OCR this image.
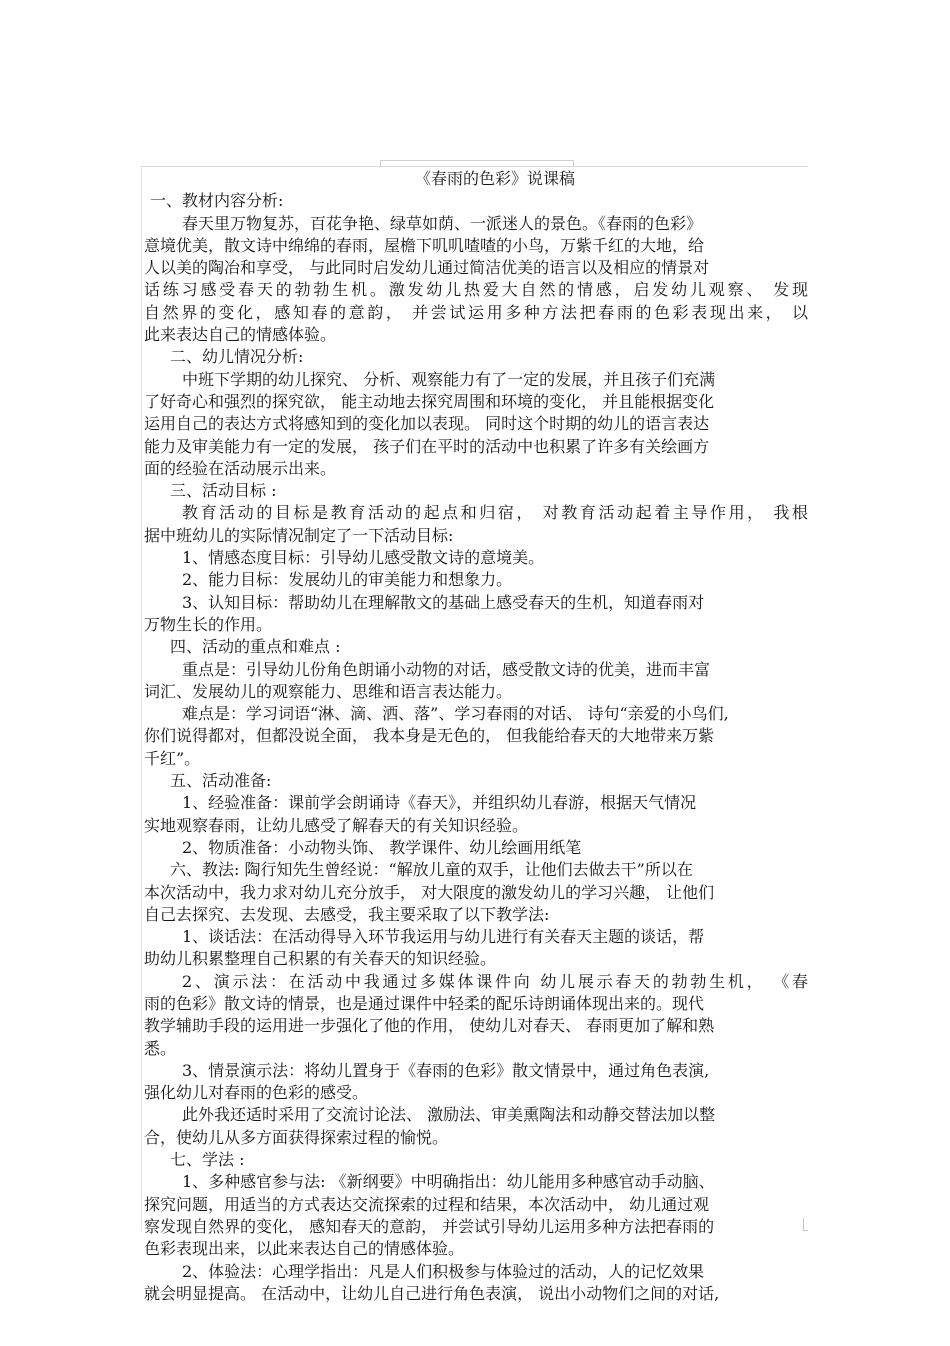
《春雨的色彩》说课稿
一、教材内容分析:
春天里万物复苏，百花争艳、绿草如荫、一派迷人的景色。《春雨的色彩》
意境优美，散文诗中绵绵的春雨，屋檐下叽叽喳喳的小鸟，万紫千红的大地，给
人以美的陶冶和享受， 与此同时启发幼儿通过简洁优美的语言以及相应的情景对
话练习感受春天的勃勃生机。激发幼儿热爱大自然的情感，启发幼儿观察、 发现
自然界的变化，感知春的意韵， 并尝试运用多种方法把春雨的色彩表现出来， 以
此来表达自己的情感体验。
二、幼儿情况分析:
中班下学期的幼儿探究、 分析、观察能力有了一定的发展，并且孩子们充满
了好奇心和强烈的探究欲， 能主动地去探究周围和环境的变化， 并且能根据变化
运用自己的表达方式将感知到的变化加以表现。 同时这个时期的幼儿的语言表达
能力及审美能力有一定的发展， 孩子们在平时的活动中也积累了许多有关绘画方
面的经验在活动展示出来。
三、活动目标 :
教育活动的目标是教育活动的起点和归宿， 对教育活动起着主导作用， 我根
据中班幼儿的实际情况制定了一下活动目标:
1、情感态度目标：引导幼儿感受散文诗的意境美。
2、能力目标：发展幼儿的审美能力和想象力。
3、认知目标：帮助幼儿在理解散文的基础上感受春天的生机，知道春雨对
万物生长的作用。
四、活动的重点和难点 :
重点是：引导幼儿份角色朗诵小动物的对话，感受散文诗的优美，进而丰富
词汇、发展幼儿的观察能力、思维和语言表达能力。
难点是：学习词语“淋、滴、洒、落”、学习春雨的对话、 诗句“亲爱的小鸟们,
你们说得都对，但都没说全面， 我本身是无色的， 但我能给春天的大地带来万紫
千红”。
五、活动准备:
1、经验准备：课前学会朗诵诗《春天》，并组织幼儿春游，根据天气情况
实地观察春雨，让幼儿感受了解春天的有关知识经验。
2、物质准备：小动物头饰、 教学课件、幼儿绘画用纸笔
六、教法: 陶行知先生曾经说：“解放儿童的双手，让他们去做去干”所以在
本次活动中，我力求对幼儿充分放手， 对大限度的激发幼儿的学习兴趣， 让他们
自己去探究、去发现、去感受，我主要采取了以下教学法:
1、谈话法：在活动得导入环节我运用与幼儿进行有关春天主题的谈话，帮
助幼儿积累整理自己积累的有关春天的知识经验。
2、演示法：在活动中我通过多媒体课件向 幼儿展示春天的勃勃生机， 《春
雨的色彩》散文诗的情景，也是通过课件中轻柔的配乐诗朗诵体现出来的。现代
教学辅助手段的运用进一步强化了他的作用， 使幼儿对春天、 春雨更加了解和熟
悉。
3、情景演示法：将幼儿置身于《春雨的色彩》散文情景中，通过角色表演,
强化幼儿对春雨的色彩的感受。
此外我还适时采用了交流讨论法、 激励法、审美熏陶法和动静交替法加以整
合，使幼儿从多方面获得探索过程的愉悦。
七、学法 :
1、多种感官参与法: 《新纲要》中明确指出：幼儿能用多种感官动手动脑、
探究问题，用适当的方式表达交流探索的过程和结果，本次活动中， 幼儿通过观
察发现自然界的变化， 感知春天的意韵， 并尝试引导幼儿运用多种方法把春雨的
色彩表现出来，以此来表达自己的情感体验。
2、体验法：心理学指出：凡是人们积极参与体验过的活动，人的记忆效果
就会明显提高。 在活动中，让幼儿自己进行角色表演， 说出小动物们之间的对话,
